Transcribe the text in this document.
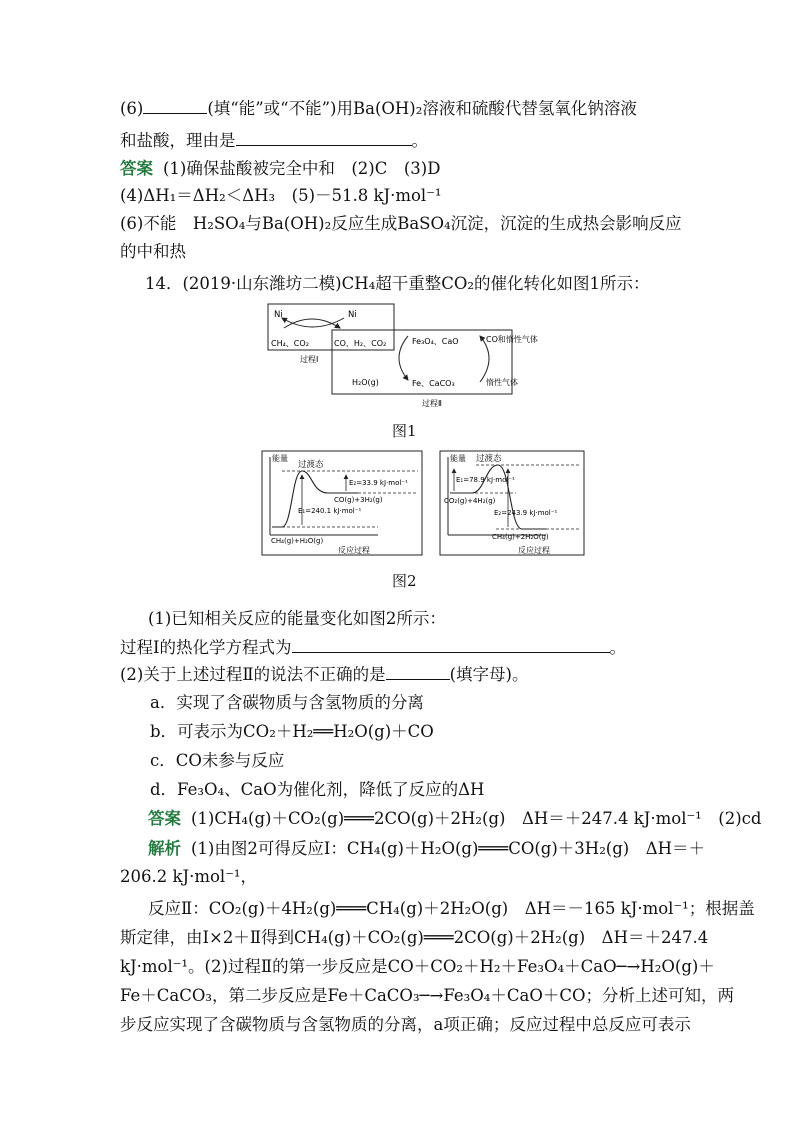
(6)	(填“能”或“不能”)用Ba(OH)₂溶液和硫酸代替氢氧化钠溶液
和盐酸，理由是	。
答案 (1)确保盐酸被完全中和　(2)C　(3)D
(4)ΔH₁＝ΔH₂＜ΔH₃　(5)－51.8 kJ·mol⁻¹
(6)不能　H₂SO₄与Ba(OH)₂反应生成BaSO₄沉淀，沉淀的生成热会影响反应
的中和热
14．(2019·山东潍坊二模)CH₄超干重整CO₂的催化转化如图1所示：
Ni	Ni
CH₄、CO₂	CO、H₂、CO₂
过程Ⅰ
Fe₃O₄、CaO	CO和惰性气体
H₂O(g)	Fe、CaCO₃	惰性气体
过程Ⅱ
图1
能量
过渡态
E₂=33.9 kJ·mol⁻¹
CO(g)+3H₂(g)
E₁=240.1 kJ·mol⁻¹
CH₄(g)+H₂O(g)
反应过程
能量 过渡态
E₁=78.9 kJ·mol⁻¹
CO₂(g)+4H₂(g)
E₂=243.9 kJ·mol⁻¹
CH₄(g)+2H₂O(g)
反应过程
图2
(1)已知相关反应的能量变化如图2所示：
过程Ⅰ的热化学方程式为	。
(2)关于上述过程Ⅱ的说法不正确的是	(填字母)。
a．实现了含碳物质与含氢物质的分离
b．可表示为CO₂＋H₂══H₂O(g)＋CO
c．CO未参与反应
d．Fe₃O₄、CaO为催化剂，降低了反应的ΔH
答案 (1)CH₄(g)＋CO₂(g)═══2CO(g)＋2H₂(g)　ΔH＝＋247.4 kJ·mol⁻¹　(2)cd
解析 (1)由图2可得反应Ⅰ：CH₄(g)＋H₂O(g)═══CO(g)＋3H₂(g)　ΔH＝＋
206.2 kJ·mol⁻¹，
反应Ⅱ：CO₂(g)＋4H₂(g)═══CH₄(g)＋2H₂O(g)　ΔH＝－165 kJ·mol⁻¹；根据盖
斯定律，由Ⅰ×2＋Ⅱ得到CH₄(g)＋CO₂(g)═══2CO(g)＋2H₂(g)　ΔH＝＋247.4
kJ·mol⁻¹。(2)过程Ⅱ的第一步反应是CO＋CO₂＋H₂＋Fe₃O₄＋CaO─→H₂O(g)＋
Fe＋CaCO₃，第二步反应是Fe＋CaCO₃─→Fe₃O₄＋CaO＋CO；分析上述可知，两
步反应实现了含碳物质与含氢物质的分离，a项正确；反应过程中总反应可表示
